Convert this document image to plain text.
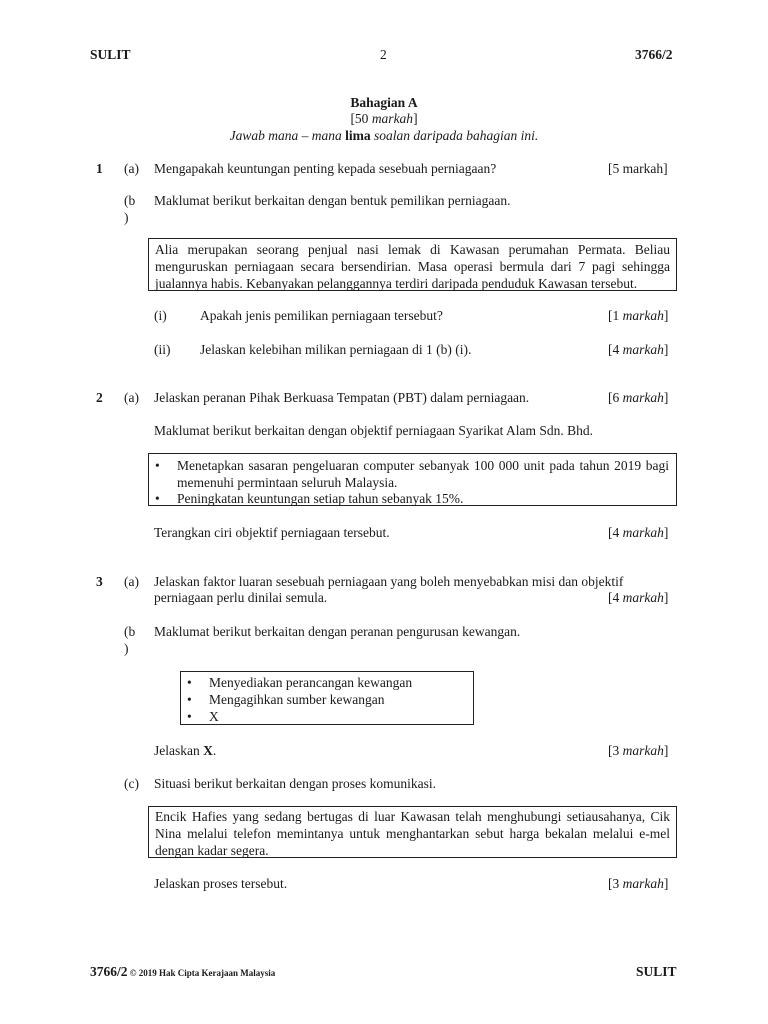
SULIT	2	3766/2
Bahagian A
[50 markah]
Jawab mana – mana lima soalan daripada bahagian ini.
1 (a) Mengapakah keuntungan penting kepada sesebuah perniagaan?	[5 markah]
(b
)
Maklumat berikut berkaitan dengan bentuk pemilikan perniagaan.
Alia merupakan seorang penjual nasi lemak di Kawasan perumahan Permata. Beliau menguruskan perniagaan secara bersendirian. Masa operasi bermula dari 7 pagi sehingga jualannya habis. Kebanyakan pelanggannya terdiri daripada penduduk Kawasan tersebut.
(i) Apakah jenis pemilikan perniagaan tersebut?	[1 markah]
(ii) Jelaskan kelebihan milikan perniagaan di 1 (b) (i).	[4 markah]
2 (a) Jelaskan peranan Pihak Berkuasa Tempatan (PBT) dalam perniagaan.	[6 markah]
Maklumat berikut berkaitan dengan objektif perniagaan Syarikat Alam Sdn. Bhd.
• Menetapkan sasaran pengeluaran computer sebanyak 100 000 unit pada tahun 2019 bagi memenuhi permintaan seluruh Malaysia.
• Peningkatan keuntungan setiap tahun sebanyak 15%.
Terangkan ciri objektif perniagaan tersebut.	[4 markah]
3 (a) Jelaskan faktor luaran sesebuah perniagaan yang boleh menyebabkan misi dan objektif
perniagaan perlu dinilai semula.	[4 markah]
(b
)
Maklumat berikut berkaitan dengan peranan pengurusan kewangan.
• Menyediakan perancangan kewangan
• Mengagihkan sumber kewangan
• X
Jelaskan X.	[3 markah]
(c) Situasi berikut berkaitan dengan proses komunikasi.
Encik Hafies yang sedang bertugas di luar Kawasan telah menghubungi setiausahanya, Cik Nina melalui telefon memintanya untuk menghantarkan sebut harga bekalan melalui e-mel dengan kadar segera.
Jelaskan proses tersebut.	[3 markah]
3766/2 © 2019 Hak Cipta Kerajaan Malaysia	SULIT
